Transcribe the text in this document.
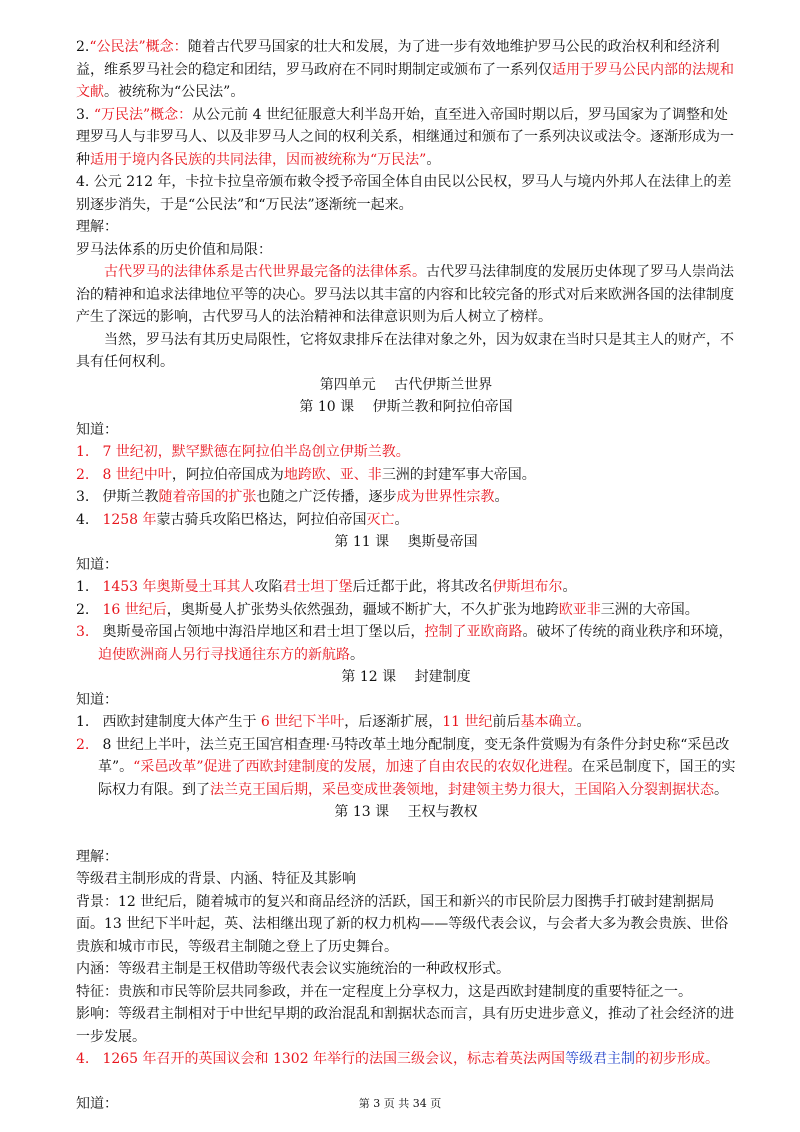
2.“公民法”概念：随着古代罗马国家的壮大和发展，为了进一步有效地维护罗马公民的政治权利和经济利益，维系罗马社会的稳定和团结，罗马政府在不同时期制定或颁布了一系列仅适用于罗马公民内部的法规和文献。被统称为“公民法”。

3. “万民法”概念：从公元前 4 世纪征服意大利半岛开始，直至进入帝国时期以后，罗马国家为了调整和处理罗马人与非罗马人、以及非罗马人之间的权利关系，相继通过和颁布了一系列决议或法令。逐渐形成为一种适用于境内各民族的共同法律，因而被统称为“万民法”。

4. 公元 212 年，卡拉卡拉皇帝颁布敕令授予帝国全体自由民以公民权，罗马人与境内外邦人在法律上的差别逐步消失，于是“公民法”和“万民法”逐渐统一起来。

理解：

罗马法体系的历史价值和局限：

古代罗马的法律体系是古代世界最完备的法律体系。古代罗马法律制度的发展历史体现了罗马人崇尚法治的精神和追求法律地位平等的决心。罗马法以其丰富的内容和比较完备的形式对后来欧洲各国的法律制度产生了深远的影响，古代罗马人的法治精神和法律意识则为后人树立了榜样。

当然，罗马法有其历史局限性，它将奴隶排斥在法律对象之外，因为奴隶在当时只是其主人的财产，不具有任何权利。

第四单元　 古代伊斯兰世界

第 10 课　 伊斯兰教和阿拉伯帝国

知道：

1. 7 世纪初，默罕默德在阿拉伯半岛创立伊斯兰教。

2. 8 世纪中叶，阿拉伯帝国成为地跨欧、亚、非三洲的封建军事大帝国。

3. 伊斯兰教随着帝国的扩张也随之广泛传播，逐步成为世界性宗教。

4. 1258 年蒙古骑兵攻陷巴格达，阿拉伯帝国灭亡。

第 11 课　 奥斯曼帝国

知道：

1. 1453 年奥斯曼土耳其人攻陷君士坦丁堡后迁都于此，将其改名伊斯坦布尔。

2. 16 世纪后，奥斯曼人扩张势头依然强劲，疆域不断扩大，不久扩张为地跨欧亚非三洲的大帝国。

3. 奥斯曼帝国占领地中海沿岸地区和君士坦丁堡以后，控制了亚欧商路。破坏了传统的商业秩序和环境，迫使欧洲商人另行寻找通往东方的新航路。

第 12 课　 封建制度

知道：

1. 西欧封建制度大体产生于 6 世纪下半叶，后逐渐扩展，11 世纪前后基本确立。

2. 8 世纪上半叶，法兰克王国宫相查理·马特改革土地分配制度，变无条件赏赐为有条件分封史称“采邑改革”。“采邑改革”促进了西欧封建制度的发展，加速了自由农民的农奴化进程。在采邑制度下，国王的实际权力有限。到了法兰克王国后期，采邑变成世袭领地，封建领主势力很大，王国陷入分裂割据状态。

第 13 课　 王权与教权

理解：

等级君主制形成的背景、内涵、特征及其影响

背景：12 世纪后，随着城市的复兴和商品经济的活跃，国王和新兴的市民阶层力图携手打破封建割据局面。13 世纪下半叶起，英、法相继出现了新的权力机构——等级代表会议，与会者大多为教会贵族、世俗贵族和城市市民，等级君主制随之登上了历史舞台。

内涵：等级君主制是王权借助等级代表会议实施统治的一种政权形式。

特征：贵族和市民等阶层共同参政，并在一定程度上分享权力，这是西欧封建制度的重要特征之一。

影响：等级君主制相对于中世纪早期的政治混乱和割据状态而言，具有历史进步意义，推动了社会经济的进一步发展。

4. 1265 年召开的英国议会和 1302 年举行的法国三级会议，标志着英法两国等级君主制的初步形成。

知道：	第 3 页 共 34 页
